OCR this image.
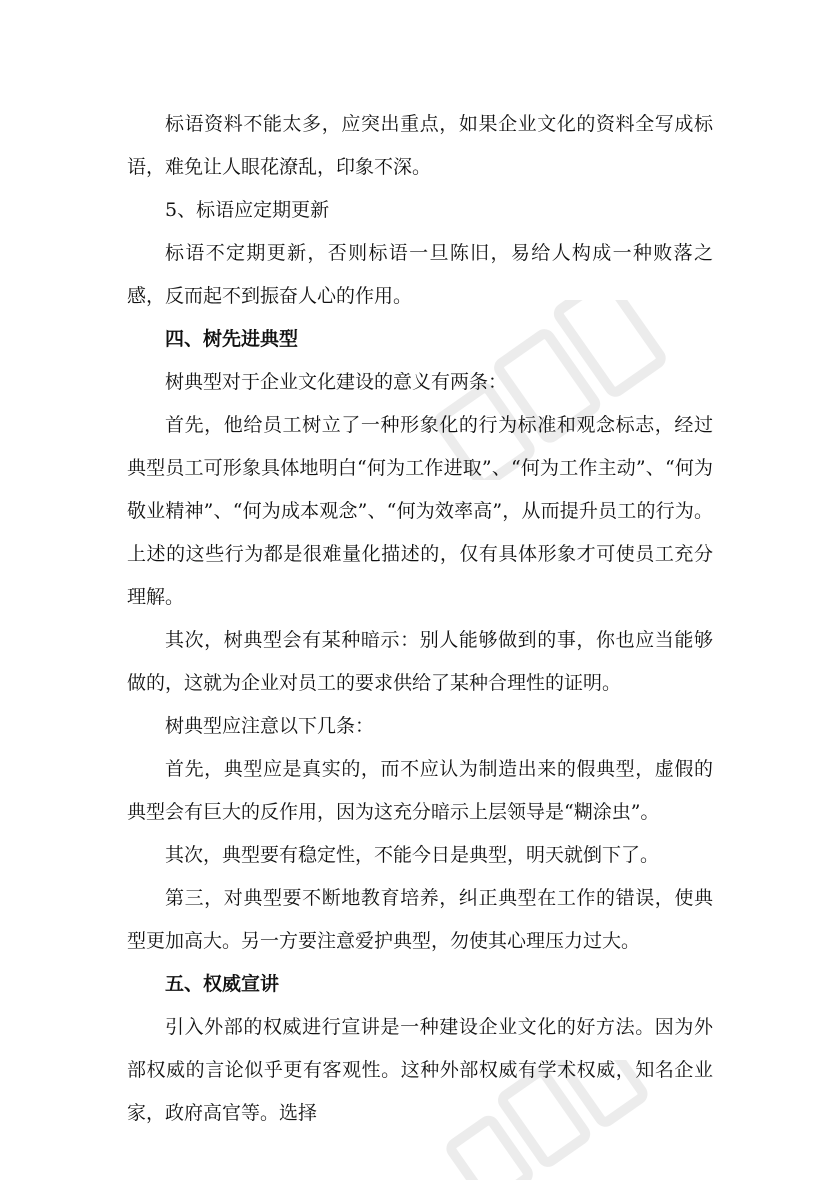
标语资料不能太多，应突出重点，如果企业文化的资料全写成标语，难免让人眼花潦乱，印象不深。

5、标语应定期更新

标语不定期更新，否则标语一旦陈旧，易给人构成一种败落之感，反而起不到振奋人心的作用。

四、树先进典型

树典型对于企业文化建设的意义有两条：

首先，他给员工树立了一种形象化的行为标准和观念标志，经过典型员工可形象具体地明白“何为工作进取”、“何为工作主动”、“何为敬业精神”、“何为成本观念”、“何为效率高”，从而提升员工的行为。上述的这些行为都是很难量化描述的，仅有具体形象才可使员工充分理解。

其次，树典型会有某种暗示：别人能够做到的事，你也应当能够做的，这就为企业对员工的要求供给了某种合理性的证明。

树典型应注意以下几条：

首先，典型应是真实的，而不应认为制造出来的假典型，虚假的典型会有巨大的反作用，因为这充分暗示上层领导是“糊涂虫”。

其次，典型要有稳定性，不能今日是典型，明天就倒下了。

第三，对典型要不断地教育培养，纠正典型在工作的错误，使典型更加高大。另一方要注意爱护典型，勿使其心理压力过大。

五、权威宣讲

引入外部的权威进行宣讲是一种建设企业文化的好方法。因为外部权威的言论似乎更有客观性。这种外部权威有学术权威，知名企业家，政府高官等。选择
